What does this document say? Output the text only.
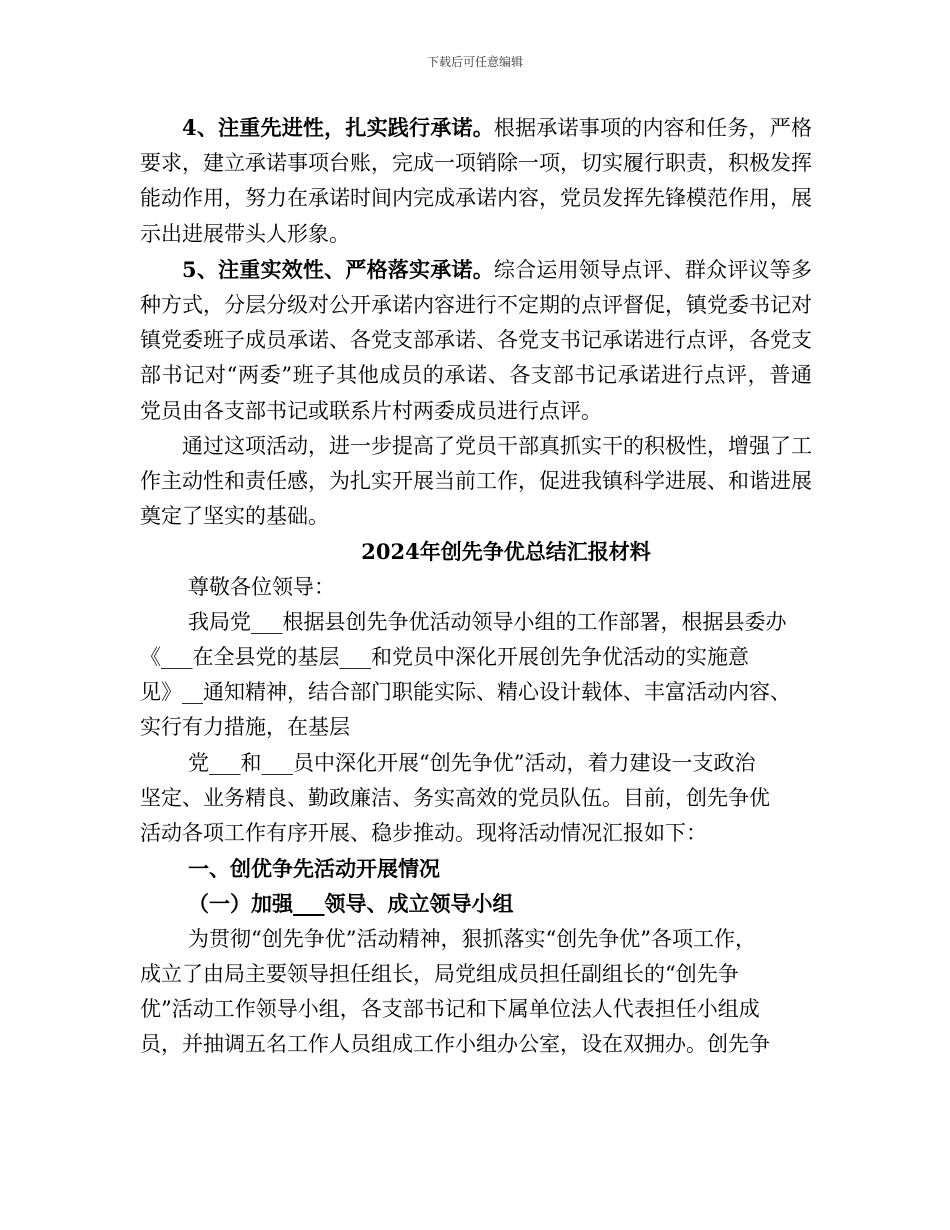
下载后可任意编辑

4、注重先进性，扎实践行承诺。根据承诺事项的内容和任务，严格要求，建立承诺事项台账，完成一项销除一项，切实履行职责，积极发挥能动作用，努力在承诺时间内完成承诺内容，党员发挥先锋模范作用，展示出进展带头人形象。

5、注重实效性、严格落实承诺。综合运用领导点评、群众评议等多种方式，分层分级对公开承诺内容进行不定期的点评督促，镇党委书记对镇党委班子成员承诺、各党支部承诺、各党支书记承诺进行点评，各党支部书记对“两委”班子其他成员的承诺、各支部书记承诺进行点评，普通党员由各支部书记或联系片村两委成员进行点评。

通过这项活动，进一步提高了党员干部真抓实干的积极性，增强了工作主动性和责任感，为扎实开展当前工作，促进我镇科学进展、和谐进展奠定了坚实的基础。

2024年创先争优总结汇报材料

尊敬各位领导：

我局党___根据县创先争优活动领导小组的工作部署，根据县委办

《___在全县党的基层___和党员中深化开展创先争优活动的实施意

见》__通知精神，结合部门职能实际、精心设计载体、丰富活动内容、

实行有力措施，在基层

党___和___员中深化开展“创先争优”活动，着力建设一支政治

坚定、业务精良、勤政廉洁、务实高效的党员队伍。目前，创先争优

活动各项工作有序开展、稳步推动。现将活动情况汇报如下：

一、创优争先活动开展情况

（一）加强___领导、成立领导小组

为贯彻“创先争优”活动精神，狠抓落实“创先争优”各项工作，

成立了由局主要领导担任组长，局党组成员担任副组长的“创先争

优”活动工作领导小组，各支部书记和下属单位法人代表担任小组成

员，并抽调五名工作人员组成工作小组办公室，设在双拥办。创先争
